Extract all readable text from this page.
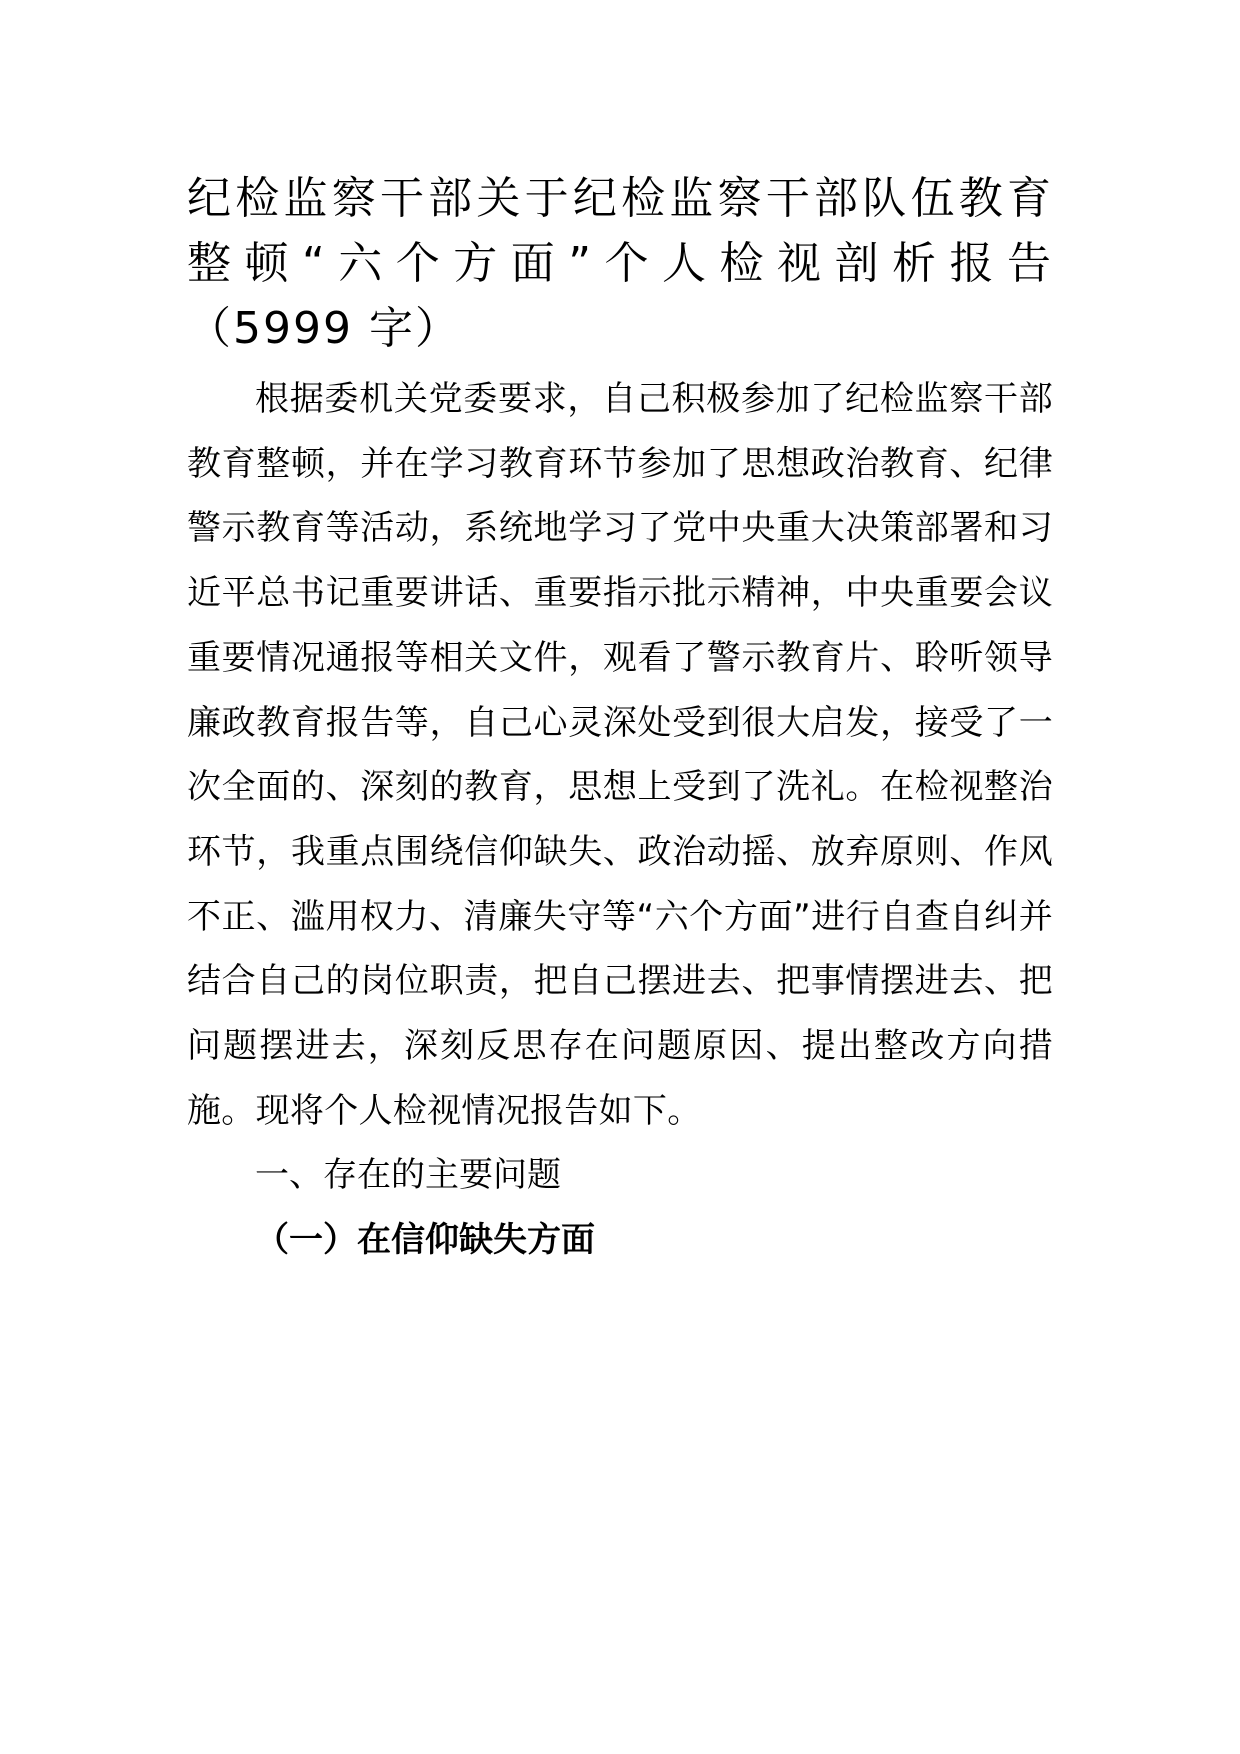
纪检监察干部关于纪检监察干部队伍教育

整顿“六个方面”个人检视剖析报告

（5999 字）

根据委机关党委要求，自己积极参加了纪检监察干部教育整顿，并在学习教育环节参加了思想政治教育、纪律警示教育等活动，系统地学习了党中央重大决策部署和习近平总书记重要讲话、重要指示批示精神，中央重要会议重要情况通报等相关文件，观看了警示教育片、聆听领导廉政教育报告等，自己心灵深处受到很大启发，接受了一次全面的、深刻的教育，思想上受到了洗礼。在检视整治环节，我重点围绕信仰缺失、政治动摇、放弃原则、作风不正、滥用权力、清廉失守等“六个方面”进行自查自纠并结合自己的岗位职责，把自己摆进去、把事情摆进去、把问题摆进去，深刻反思存在问题原因、提出整改方向措施。现将个人检视情况报告如下。

一、存在的主要问题

（一）在信仰缺失方面
